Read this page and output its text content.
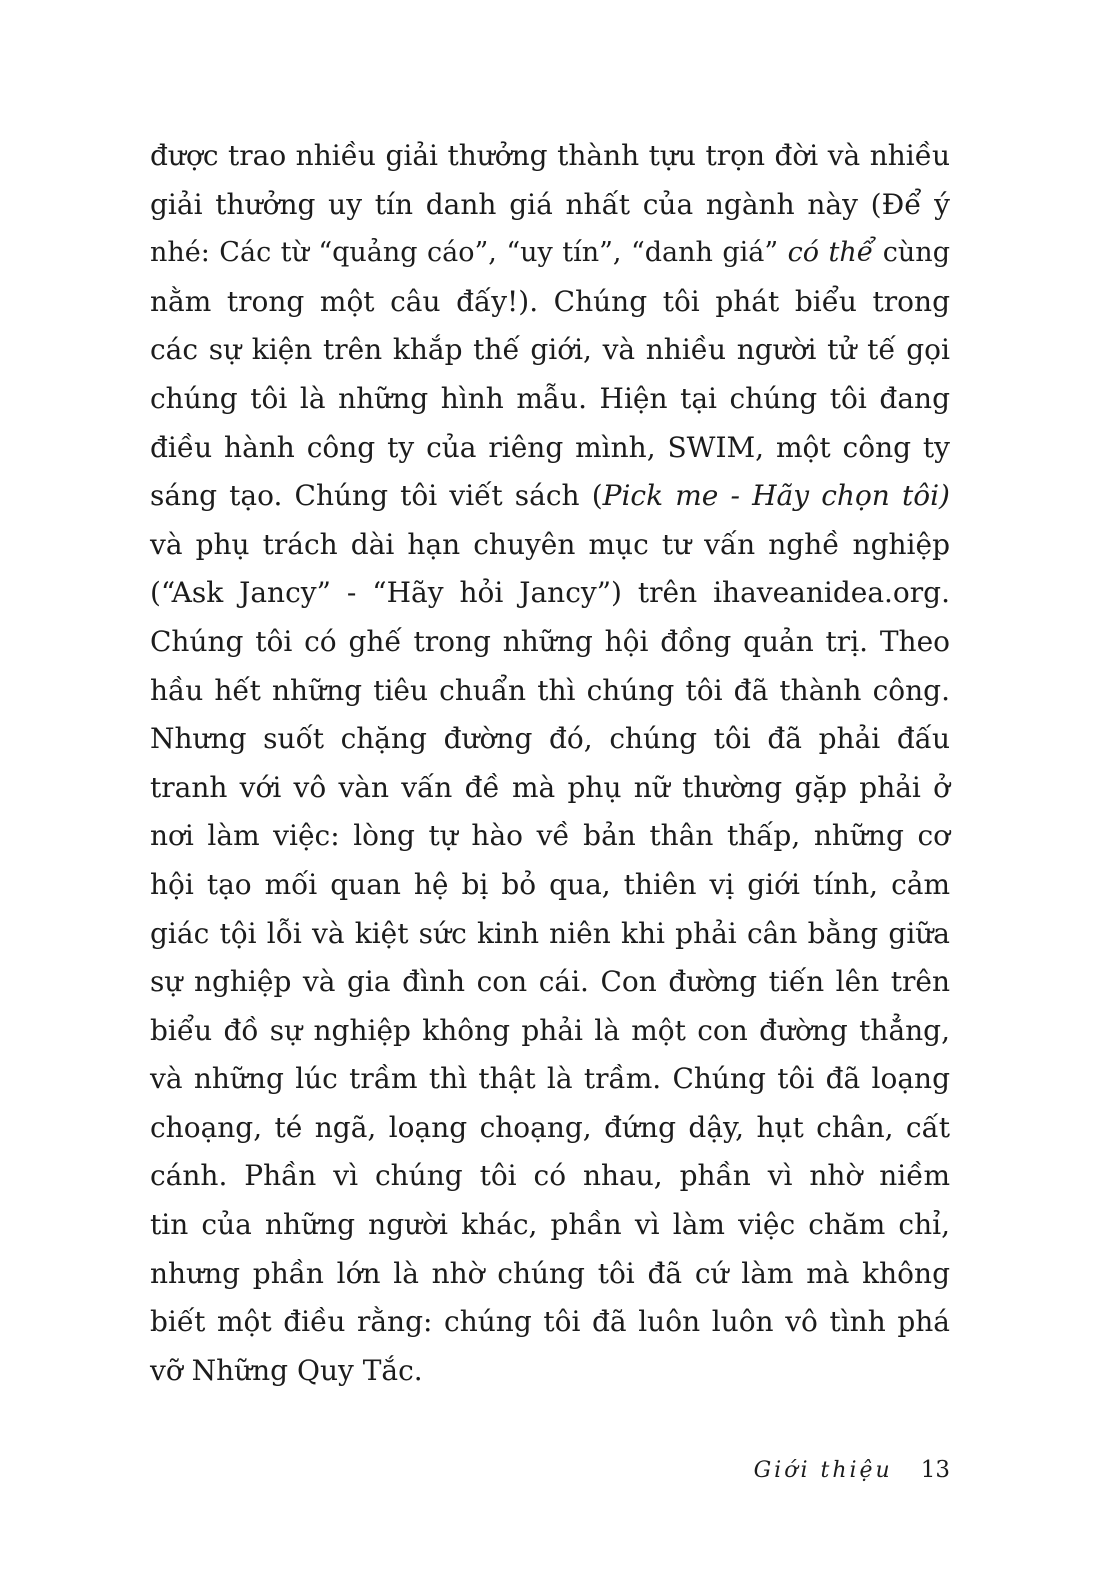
được trao nhiều giải thưởng thành tựu trọn đời và nhiều
giải thưởng uy tín danh giá nhất của ngành này (Để ý
nhé: Các từ “quảng cáo”, “uy tín”, “danh giá” có thể cùng
nằm trong một câu đấy!). Chúng tôi phát biểu trong
các sự kiện trên khắp thế giới, và nhiều người tử tế gọi
chúng tôi là những hình mẫu. Hiện tại chúng tôi đang
điều hành công ty của riêng mình, SWIM, một công ty
sáng tạo. Chúng tôi viết sách (Pick me - Hãy chọn tôi)
và phụ trách dài hạn chuyên mục tư vấn nghề nghiệp
(“Ask Jancy” - “Hãy hỏi Jancy”) trên ihaveanidea.org.
Chúng tôi có ghế trong những hội đồng quản trị. Theo
hầu hết những tiêu chuẩn thì chúng tôi đã thành công.
Nhưng suốt chặng đường đó, chúng tôi đã phải đấu
tranh với vô vàn vấn đề mà phụ nữ thường gặp phải ở
nơi làm việc: lòng tự hào về bản thân thấp, những cơ
hội tạo mối quan hệ bị bỏ qua, thiên vị giới tính, cảm
giác tội lỗi và kiệt sức kinh niên khi phải cân bằng giữa
sự nghiệp và gia đình con cái. Con đường tiến lên trên
biểu đồ sự nghiệp không phải là một con đường thẳng,
và những lúc trầm thì thật là trầm. Chúng tôi đã loạng
choạng, té ngã, loạng choạng, đứng dậy, hụt chân, cất
cánh. Phần vì chúng tôi có nhau, phần vì nhờ niềm
tin của những người khác, phần vì làm việc chăm chỉ,
nhưng phần lớn là nhờ chúng tôi đã cứ làm mà không
biết một điều rằng: chúng tôi đã luôn luôn vô tình phá
vỡ Những Quy Tắc.
Giới thiệu 13
